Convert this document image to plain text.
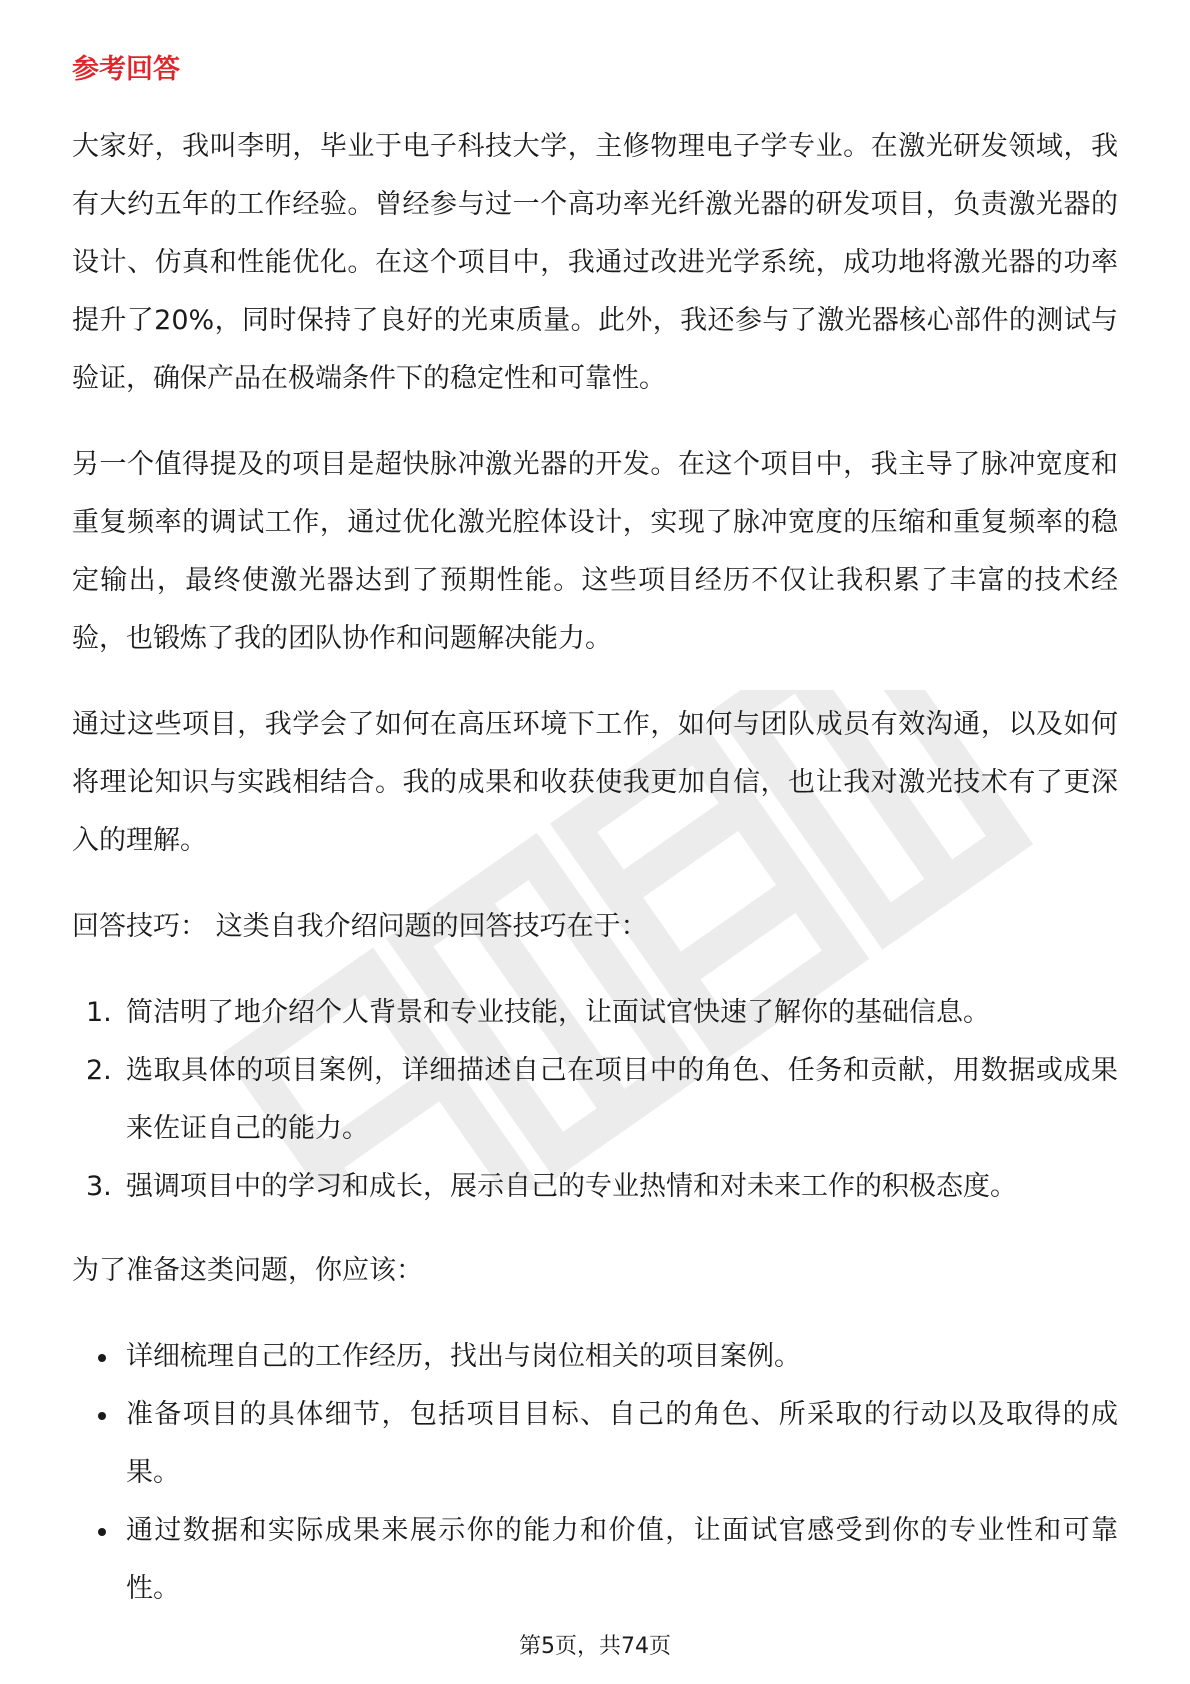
参考回答

大家好，我叫李明，毕业于电子科技大学，主修物理电子学专业。在激光研发领域，我有大约五年的工作经验。曾经参与过一个高功率光纤激光器的研发项目，负责激光器的设计、仿真和性能优化。在这个项目中，我通过改进光学系统，成功地将激光器的功率提升了20%，同时保持了良好的光束质量。此外，我还参与了激光器核心部件的测试与验证，确保产品在极端条件下的稳定性和可靠性。

另一个值得提及的项目是超快脉冲激光器的开发。在这个项目中，我主导了脉冲宽度和重复频率的调试工作，通过优化激光腔体设计，实现了脉冲宽度的压缩和重复频率的稳定输出，最终使激光器达到了预期性能。这些项目经历不仅让我积累了丰富的技术经验，也锻炼了我的团队协作和问题解决能力。

通过这些项目，我学会了如何在高压环境下工作，如何与团队成员有效沟通，以及如何将理论知识与实践相结合。我的成果和收获使我更加自信，也让我对激光技术有了更深入的理解。

回答技巧： 这类自我介绍问题的回答技巧在于：

1. 简洁明了地介绍个人背景和专业技能，让面试官快速了解你的基础信息。
2. 选取具体的项目案例，详细描述自己在项目中的角色、任务和贡献，用数据或成果来佐证自己的能力。
3. 强调项目中的学习和成长，展示自己的专业热情和对未来工作的积极态度。

为了准备这类问题，你应该：

详细梳理自己的工作经历，找出与岗位相关的项目案例。
准备项目的具体细节，包括项目目标、自己的角色、所采取的行动以及取得的成果。
通过数据和实际成果来展示你的能力和价值，让面试官感受到你的专业性和可靠性。
第5页，共74页
